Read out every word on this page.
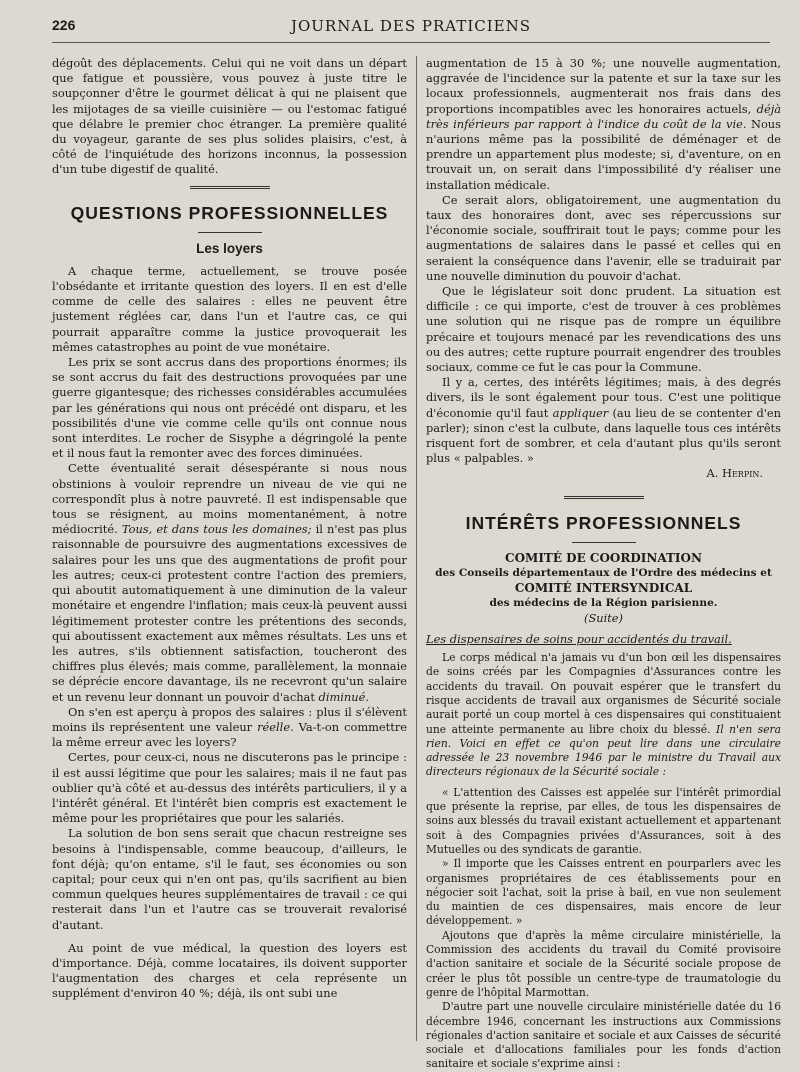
226	JOURNAL DES PRATICIENS

dégoût des déplacements. Celui qui ne voit dans un départ que fatigue et poussière, vous pouvez à juste titre le soupçonner d'être le gourmet délicat à qui ne plaisent que les mijotages de sa vieille cuisinière — ou l'estomac fatigué que délabre le premier choc étranger. La première qualité du voyageur, garante de ses plus solides plaisirs, c'est, à côté de l'inquiétude des horizons inconnus, la possession d'un tube digestif de qualité.

QUESTIONS PROFESSIONNELLES
Les loyers

A chaque terme, actuellement, se trouve posée l'obsédante et irritante question des loyers. Il en est d'elle comme de celle des salaires : elles ne peuvent être justement réglées car, dans l'un et l'autre cas, ce qui pourrait apparaître comme la justice provoquerait les mêmes catastrophes au point de vue monétaire.

Les prix se sont accrus dans des proportions énormes; ils se sont accrus du fait des destructions provoquées par une guerre gigantesque; des richesses considérables accumulées par les générations qui nous ont précédé ont disparu, et les possibilités d'une vie comme celle qu'ils ont connue nous sont interdites. Le rocher de Sisyphe a dégringolé la pente et il nous faut la remonter avec des forces diminuées.

Cette éventualité serait désespérante si nous nous obstinions à vouloir reprendre un niveau de vie qui ne correspondît plus à notre pauvreté. Il est indispensable que tous se résignent, au moins momentanément, à notre médiocrité. Tous, et dans tous les domaines; il n'est pas plus raisonnable de poursuivre des augmentations excessives de salaires pour les uns que des augmentations de profit pour les autres; ceux-ci protestent contre l'action des premiers, qui aboutit automatiquement à une diminution de la valeur monétaire et engendre l'inflation; mais ceux-là peuvent aussi légitimement protester contre les prétentions des seconds, qui aboutissent exactement aux mêmes résultats. Les uns et les autres, s'ils obtiennent satisfaction, toucheront des chiffres plus élevés; mais comme, parallèlement, la monnaie se déprécie encore davantage, ils ne recevront qu'un salaire et un revenu leur donnant un pouvoir d'achat diminué.

On s'en est aperçu à propos des salaires : plus il s'élèvent moins ils représentent une valeur réelle. Va-t-on commettre la même erreur avec les loyers?

Certes, pour ceux-ci, nous ne discuterons pas le principe : il est aussi légitime que pour les salaires; mais il ne faut pas oublier qu'à côté et au-dessus des intérêts particuliers, il y a l'intérêt général. Et l'intérêt bien compris est exactement le même pour les propriétaires que pour les salariés.

La solution de bon sens serait que chacun restreigne ses besoins à l'indispensable, comme beaucoup, d'ailleurs, le font déjà; qu'on entame, s'il le faut, ses économies ou son capital; pour ceux qui n'en ont pas, qu'ils sacrifient au bien commun quelques heures supplémentaires de travail : ce qui resterait dans l'un et l'autre cas se trouverait revalorisé d'autant.

Au point de vue médical, la question des loyers est d'importance. Déjà, comme locataires, ils doivent supporter l'augmentation des charges et cela représente un supplément d'environ 40 %; déjà, ils ont subi une

augmentation de 15 à 30 %; une nouvelle augmentation, aggravée de l'incidence sur la patente et sur la taxe sur les locaux professionnels, augmenterait nos frais dans des proportions incompatibles avec les honoraires actuels, déjà très inférieurs par rapport à l'indice du coût de la vie. Nous n'aurions même pas la possibilité de déménager et de prendre un appartement plus modeste; si, d'aventure, on en trouvait un, on serait dans l'impossibilité d'y réaliser une installation médicale.

Ce serait alors, obligatoirement, une augmentation du taux des honoraires dont, avec ses répercussions sur l'économie sociale, souffrirait tout le pays; comme pour les augmentations de salaires dans le passé et celles qui en seraient la conséquence dans l'avenir, elle se traduirait par une nouvelle diminution du pouvoir d'achat.

Que le législateur soit donc prudent. La situation est difficile : ce qui importe, c'est de trouver à ces problèmes une solution qui ne risque pas de rompre un équilibre précaire et toujours menacé par les revendications des uns ou des autres; cette rupture pourrait engendrer des troubles sociaux, comme ce fut le cas pour la Commune.

Il y a, certes, des intérêts légitimes; mais, à des degrés divers, ils le sont également pour tous. C'est une politique d'économie qu'il faut appliquer (au lieu de se contenter d'en parler); sinon c'est la culbute, dans laquelle tous ces intérêts risquent fort de sombrer, et cela d'autant plus qu'ils seront plus « palpables. »

A. Herpin.

INTÉRÊTS PROFESSIONNELS
COMITÉ DE COORDINATION
des Conseils départementaux de l'Ordre des médecins et
COMITÉ INTERSYNDICAL
des médecins de la Région parisienne.
(Suite)

Les dispensaires de soins pour accidentés du travail.

Le corps médical n'a jamais vu d'un bon œil les dispensaires de soins créés par les Compagnies d'Assurances contre les accidents du travail. On pouvait espérer que le transfert du risque accidents de travail aux organismes de Sécurité sociale aurait porté un coup mortel à ces dispensaires qui constituaient une atteinte permanente au libre choix du blessé. Il n'en sera rien. Voici en effet ce qu'on peut lire dans une circulaire adressée le 23 novembre 1946 par le ministre du Travail aux directeurs régionaux de la Sécurité sociale :

« L'attention des Caisses est appelée sur l'intérêt primordial que présente la reprise, par elles, de tous les dispensaires de soins aux blessés du travail existant actuellement et appartenant soit à des Compagnies privées d'Assurances, soit à des Mutuelles ou des syndicats de garantie.

» Il importe que les Caisses entrent en pourparlers avec les organismes propriétaires de ces établissements pour en négocier soit l'achat, soit la prise à bail, en vue non seulement du maintien de ces dispensaires, mais encore de leur développement. »

Ajoutons que d'après la même circulaire ministérielle, la Commission des accidents du travail du Comité provisoire d'action sanitaire et sociale de la Sécurité sociale propose de créer le plus tôt possible un centre-type de traumatologie du genre de l'hôpital Marmottan.

D'autre part une nouvelle circulaire ministérielle datée du 16 décembre 1946, concernant les instructions aux Commissions régionales d'action sanitaire et sociale et aux Caisses de sécurité sociale et d'allocations familiales pour les fonds d'action sanitaire et sociale s'exprime ainsi :
